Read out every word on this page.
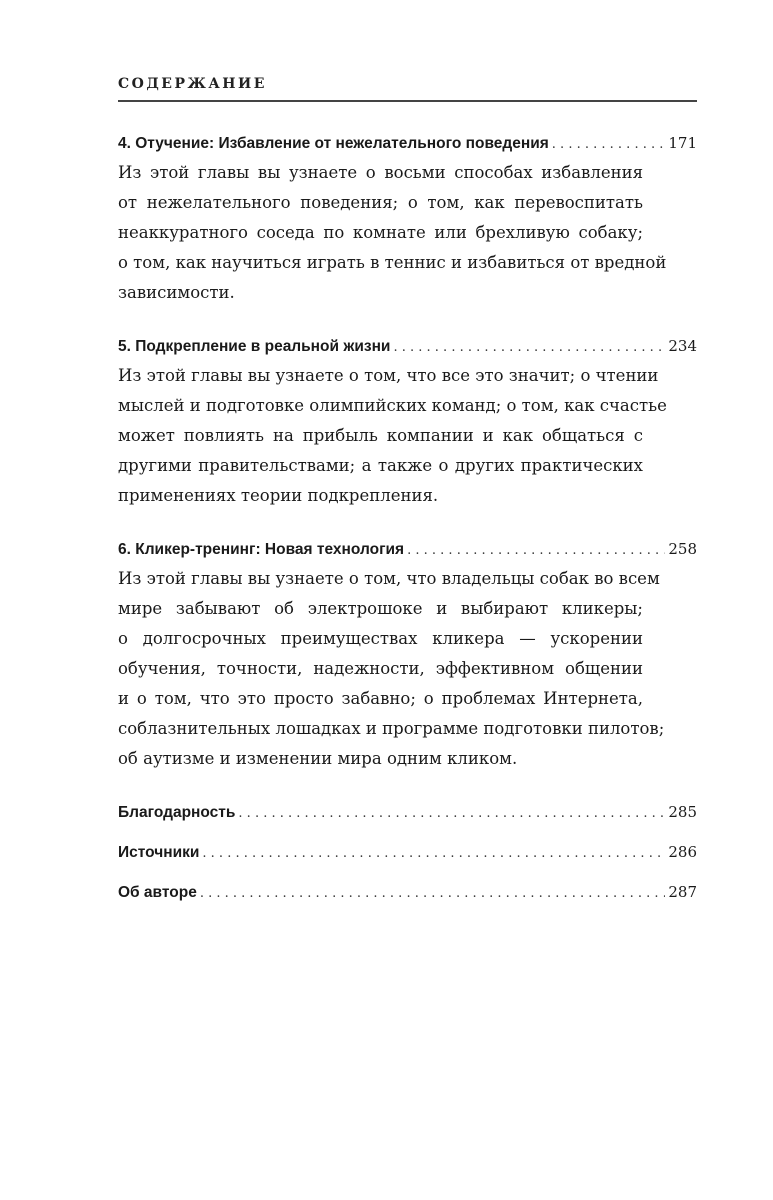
СОДЕРЖАНИЕ
4. Отучение: Избавление от нежелательного поведения . . .	171
Из этой главы вы узнаете о восьми способах избавления
от нежелательного поведения; о том, как перевоспитать
неаккуратного соседа по комнате или брехливую собаку;
о том, как научиться играть в теннис и избавиться от вредной
зависимости.
5. Подкрепление в реальной жизни . . .	234
Из этой главы вы узнаете о том, что все это значит; о чтении
мыслей и подготовке олимпийских команд; о том, как счастье
может повлиять на прибыль компании и как общаться с
другими правительствами; а также о других практических
применениях теории подкрепления.
6. Кликер-тренинг: Новая технология . . .	258
Из этой главы вы узнаете о том, что владельцы собак во всем
мире забывают об электрошоке и выбирают кликеры;
о долгосрочных преимуществах кликера — ускорении
обучения, точности, надежности, эффективном общении
и о том, что это просто забавно; о проблемах Интернета,
соблазнительных лошадках и программе подготовки пилотов;
об аутизме и изменении мира одним кликом.
Благодарность . . .	285
Источники . . .	286
Об авторе . . .	287
